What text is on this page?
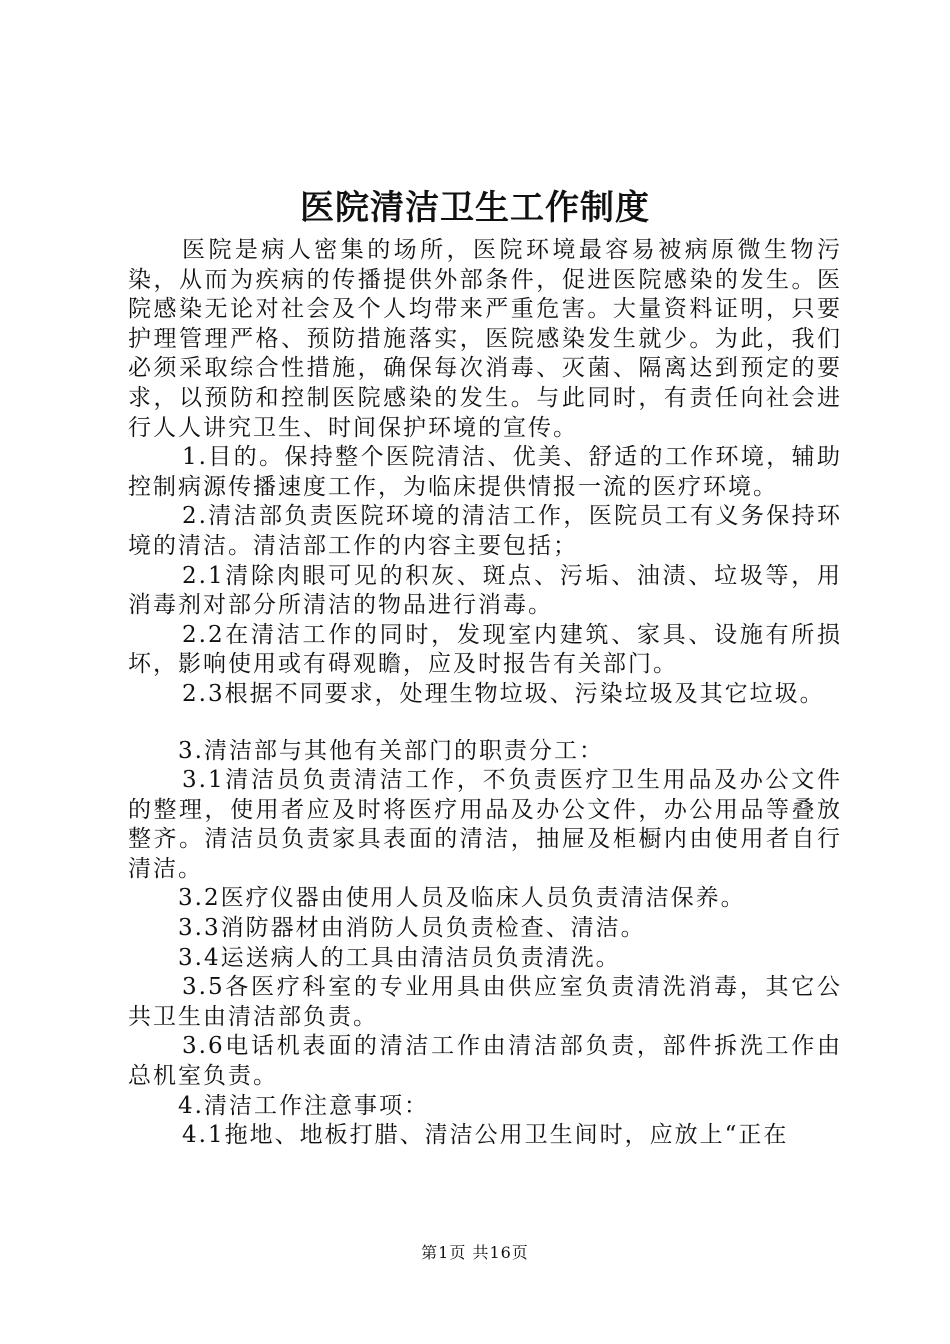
医院清洁卫生工作制度

医院是病人密集的场所，医院环境最容易被病原微生物污染，从而为疾病的传播提供外部条件，促进医院感染的发生。医院感染无论对社会及个人均带来严重危害。大量资料证明，只要护理管理严格、预防措施落实，医院感染发生就少。为此，我们必须采取综合性措施，确保每次消毒、灭菌、隔离达到预定的要求，以预防和控制医院感染的发生。与此同时，有责任向社会进行人人讲究卫生、时间保护环境的宣传。

1.目的。保持整个医院清洁、优美、舒适的工作环境，辅助控制病源传播速度工作，为临床提供情报一流的医疗环境。

2.清洁部负责医院环境的清洁工作，医院员工有义务保持环境的清洁。清洁部工作的内容主要包括；

2.1清除肉眼可见的积灰、斑点、污垢、油渍、垃圾等，用消毒剂对部分所清洁的物品进行消毒。

2.2在清洁工作的同时，发现室内建筑、家具、设施有所损坏，影响使用或有碍观瞻，应及时报告有关部门。

2.3根据不同要求，处理生物垃圾、污染垃圾及其它垃圾。

3.清洁部与其他有关部门的职责分工：

3.1清洁员负责清洁工作，不负责医疗卫生用品及办公文件的整理，使用者应及时将医疗用品及办公文件，办公用品等叠放整齐。清洁员负责家具表面的清洁，抽屉及柜橱内由使用者自行清洁。

3.2医疗仪器由使用人员及临床人员负责清洁保养。

3.3消防器材由消防人员负责检查、清洁。

3.4运送病人的工具由清洁员负责清洗。

3.5各医疗科室的专业用具由供应室负责清洗消毒，其它公共卫生由清洁部负责。

3.6电话机表面的清洁工作由清洁部负责，部件拆洗工作由总机室负责。

4.清洁工作注意事项：

4.1拖地、地板打腊、清洁公用卫生间时，应放上“正在

第1页 共16页
